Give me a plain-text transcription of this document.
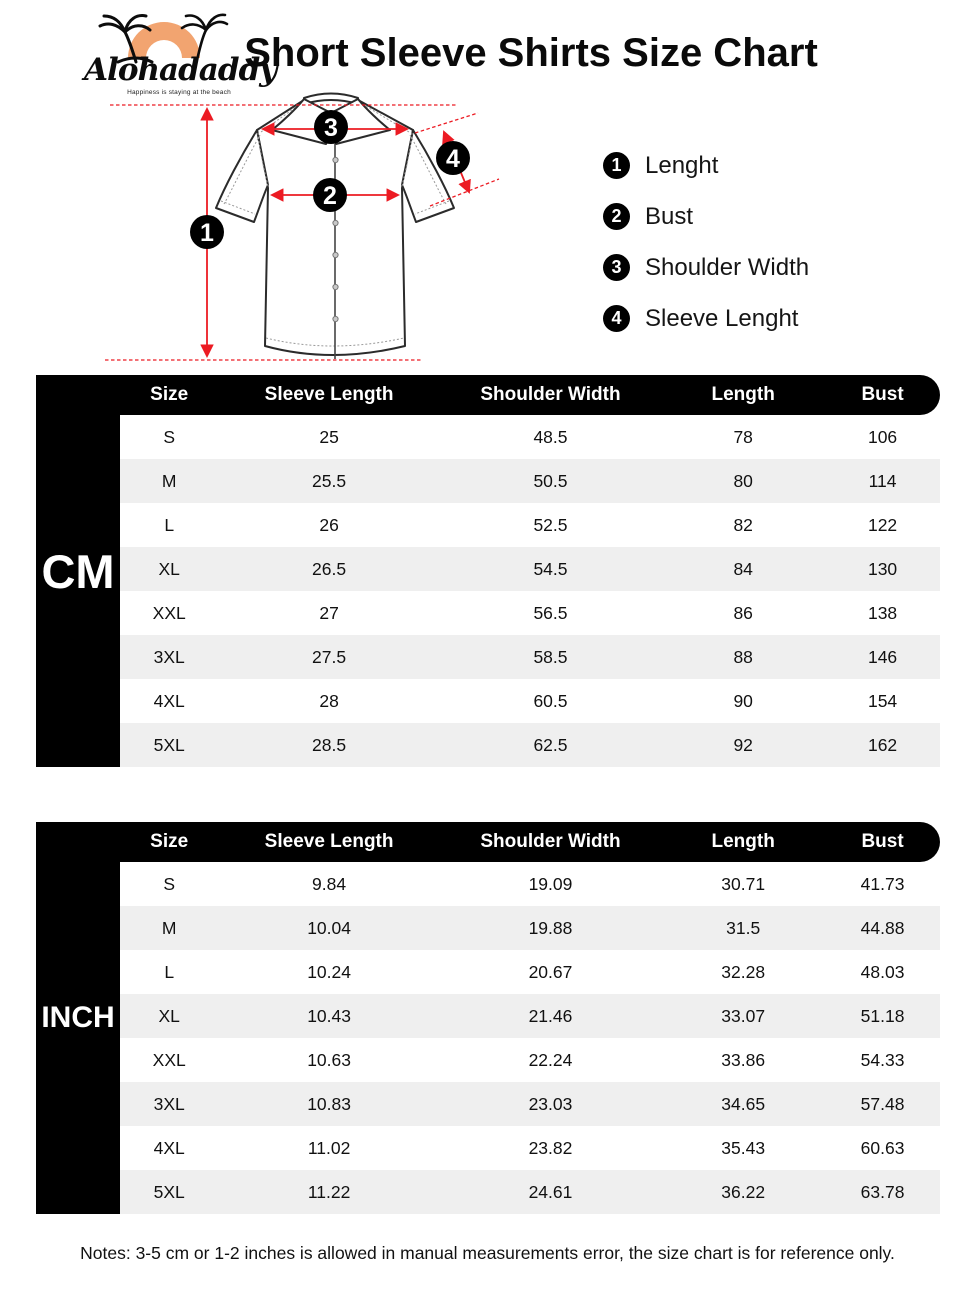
Alohadaddy
Happiness is staying at the beach
Short Sleeve Shirts Size Chart
1
2
3
4	1 Lenght
2 Bust
3 Shoulder Width
4 Sleeve Lenght
CM
Size	Sleeve Length	Shoulder Width	Length	Bust
S	25	48.5	78	106
M	25.5	50.5	80	114
L	26	52.5	82	122
XL	26.5	54.5	84	130
XXL	27	56.5	86	138
3XL	27.5	58.5	88	146
4XL	28	60.5	90	154
5XL	28.5	62.5	92	162
INCH
Size	Sleeve Length	Shoulder Width	Length	Bust
S	9.84	19.09	30.71	41.73
M	10.04	19.88	31.5	44.88
L	10.24	20.67	32.28	48.03
XL	10.43	21.46	33.07	51.18
XXL	10.63	22.24	33.86	54.33
3XL	10.83	23.03	34.65	57.48
4XL	11.02	23.82	35.43	60.63
5XL	11.22	24.61	36.22	63.78
Notes: 3-5 cm or 1-2 inches is allowed in manual measurements error, the size chart is for reference only.
